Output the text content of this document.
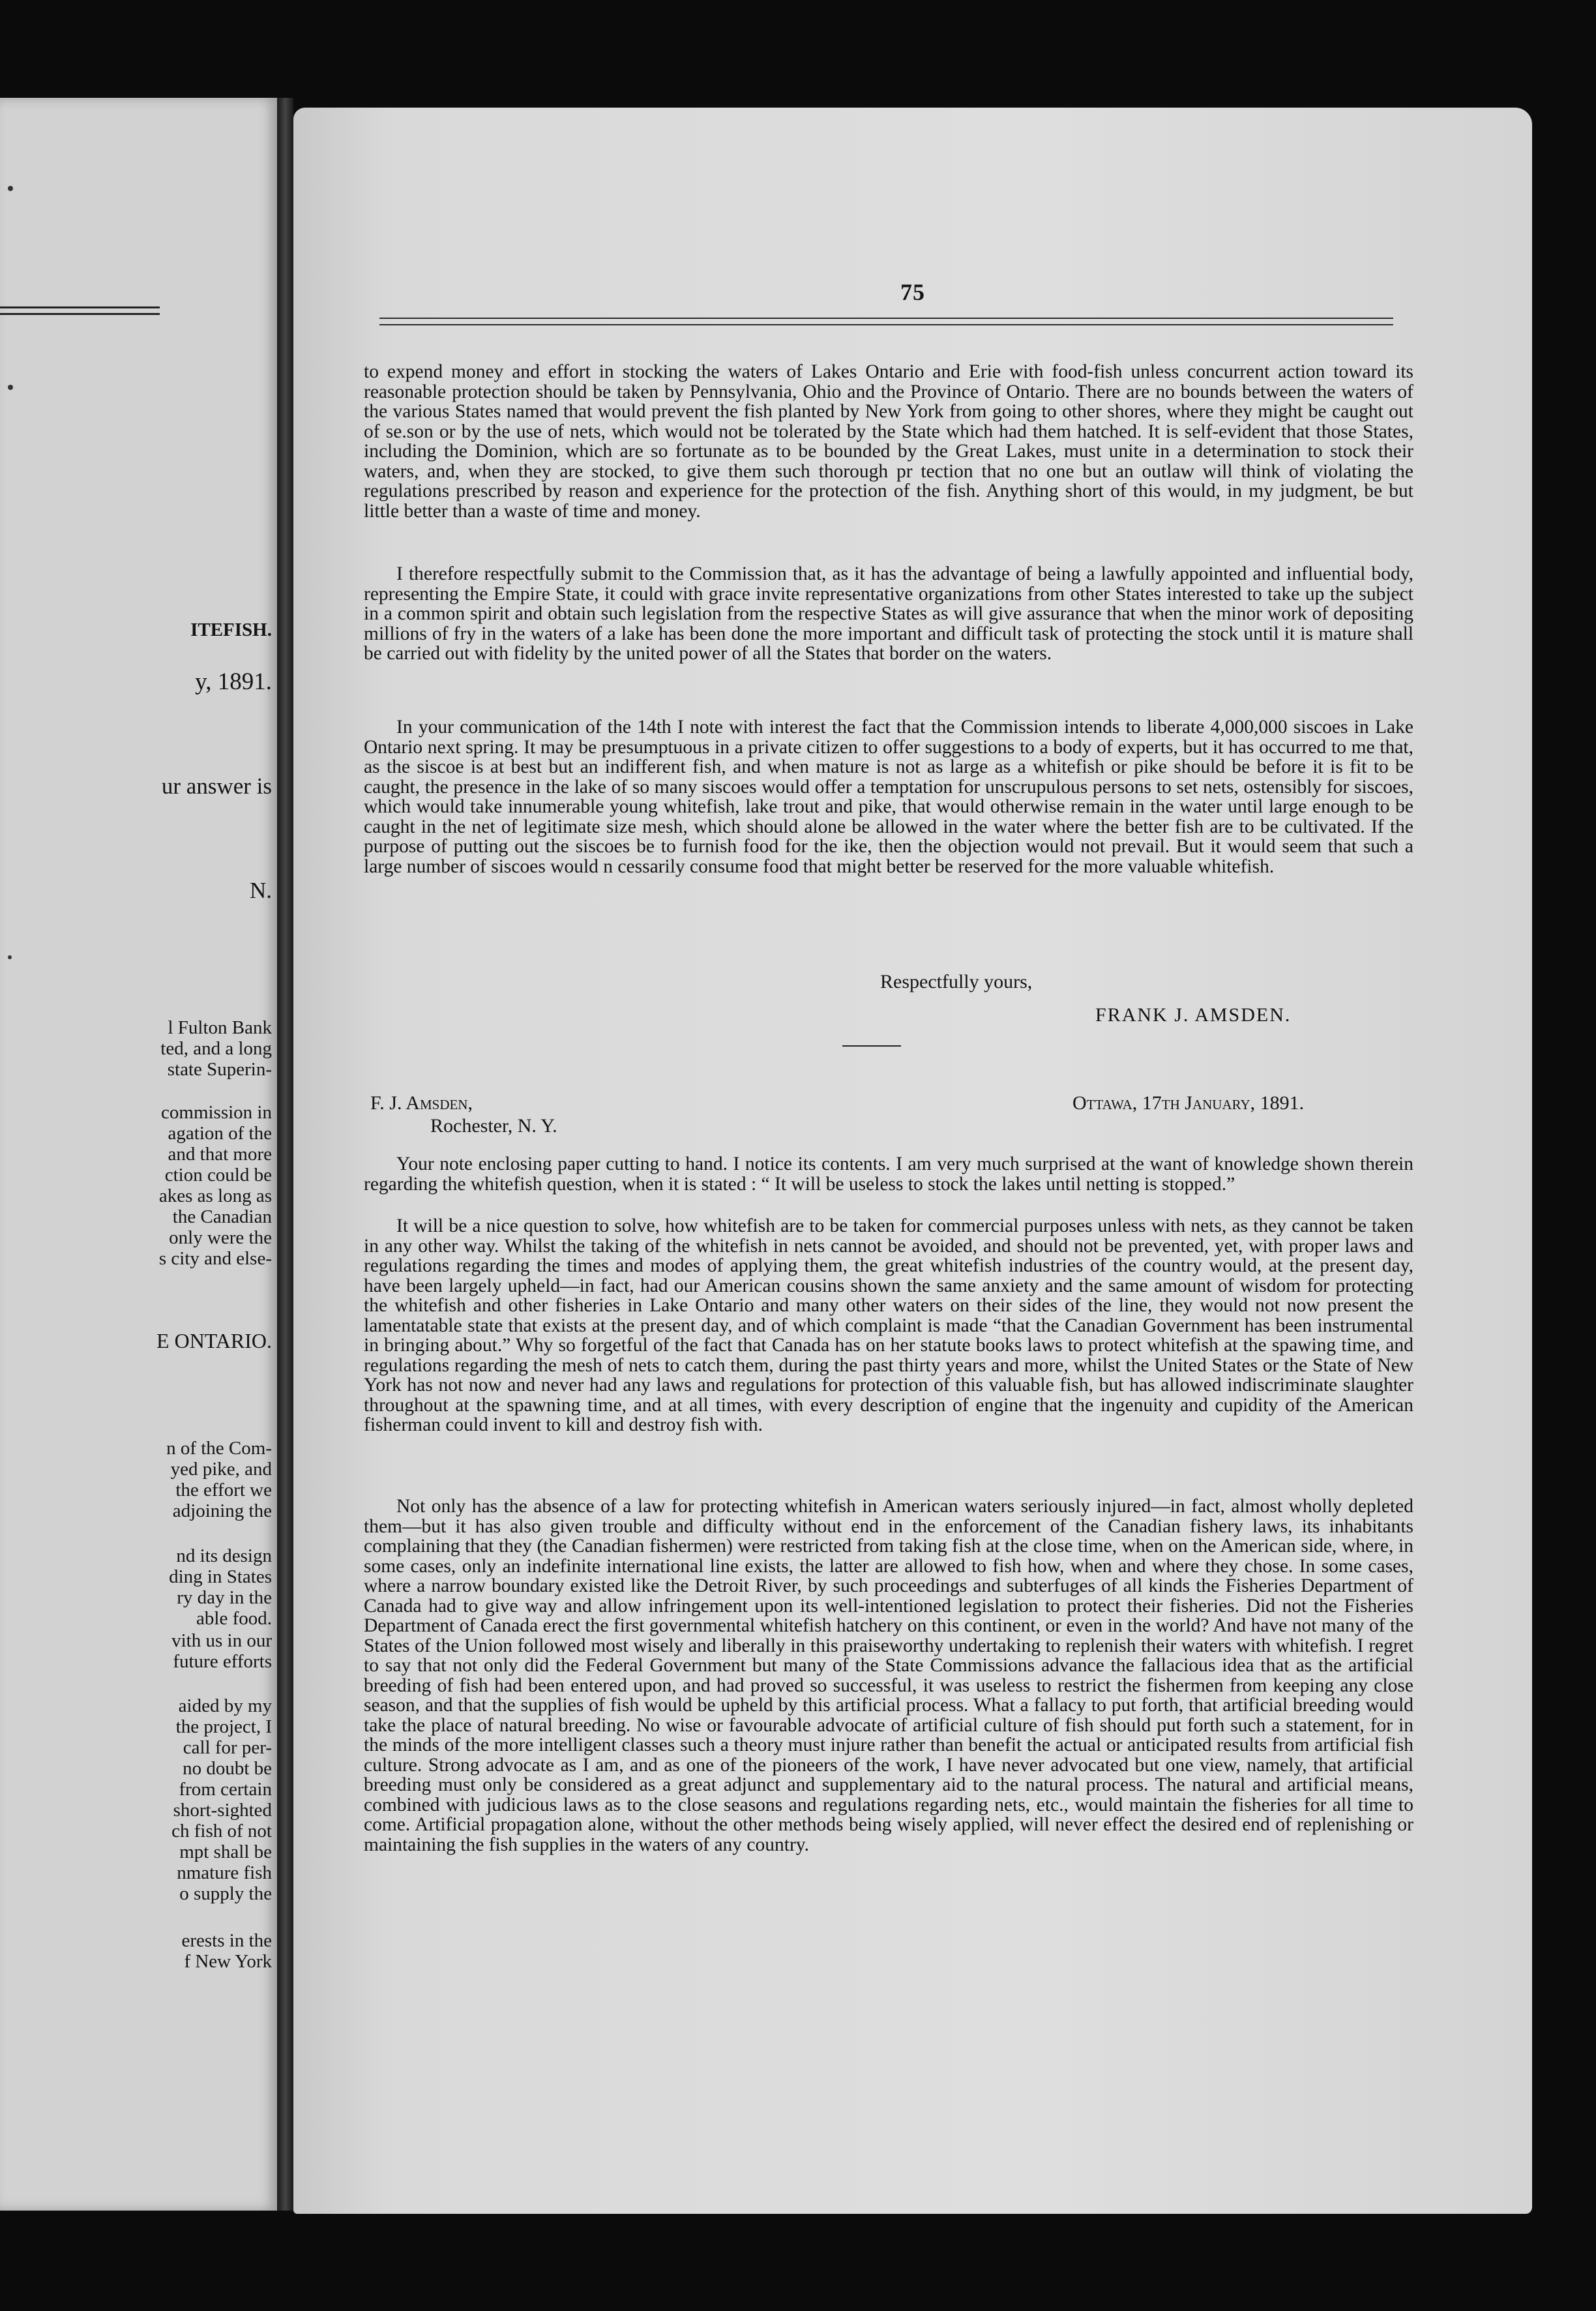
ITEFISH.
y, 1891.
ur answer is
N.
l Fulton Bank
ted, and a long
state Superin-
commission in
agation of the
and that more
ction could be
akes as long as
the Canadian
only were the
s city and else-
E ONTARIO.
n of the Com-
yed pike, and
the effort we
adjoining the
nd its design
ding in States
ry day in the
able food.
vith us in our
future efforts
aided by my
the project, I
call for per-
no doubt be
from certain
short-sighted
ch fish of not
mpt shall be
nmature fish
o supply the
erests in the
f New York
75

to expend money and effort in stocking the waters of Lakes Ontario and Erie with food-fish unless concurrent action toward its reasonable protection should be taken by Pennsylvania, Ohio and the Province of Ontario. There are no bounds between the waters of the various States named that would prevent the fish planted by New York from going to other shores, where they might be caught out of se.son or by the use of nets, which would not be tolerated by the State which had them hatched. It is self-evident that those States, including the Dominion, which are so fortunate as to be bounded by the Great Lakes, must unite in a determination to stock their waters, and, when they are stocked, to give them such thorough pr tection that no one but an outlaw will think of violating the regulations prescribed by reason and experience for the protection of the fish. Anything short of this would, in my judgment, be but little better than a waste of time and money.

I therefore respectfully submit to the Commission that, as it has the advantage of being a lawfully appointed and influential body, representing the Empire State, it could with grace invite representative organizations from other States interested to take up the subject in a common spirit and obtain such legislation from the respective States as will give assurance that when the minor work of depositing millions of fry in the waters of a lake has been done the more important and difficult task of protecting the stock until it is mature shall be carried out with fidelity by the united power of all the States that border on the waters.

In your communication of the 14th I note with interest the fact that the Commission intends to liberate 4,000,000 siscoes in Lake Ontario next spring. It may be presumptuous in a private citizen to offer suggestions to a body of experts, but it has occurred to me that, as the siscoe is at best but an indifferent fish, and when mature is not as large as a whitefish or pike should be before it is fit to be caught, the presence in the lake of so many siscoes would offer a temptation for unscrupulous persons to set nets, ostensibly for siscoes, which would take innumerable young whitefish, lake trout and pike, that would otherwise remain in the water until large enough to be caught in the net of legitimate size mesh, which should alone be allowed in the water where the better fish are to be cultivated. If the purpose of putting out the siscoes be to furnish food for the ike, then the objection would not prevail. But it would seem that such a large number of siscoes would n cessarily consume food that might better be reserved for the more valuable whitefish.

Respectfully yours,
FRANK J. AMSDEN.
F. J. Amsden,
Rochester, N. Y.
Ottawa, 17th January, 1891.

Your note enclosing paper cutting to hand. I notice its contents. I am very much surprised at the want of knowledge shown therein regarding the whitefish question, when it is stated : “ It will be useless to stock the lakes until netting is stopped.”

It will be a nice question to solve, how whitefish are to be taken for commercial purposes unless with nets, as they cannot be taken in any other way. Whilst the taking of the whitefish in nets cannot be avoided, and should not be prevented, yet, with proper laws and regulations regarding the times and modes of applying them, the great whitefish industries of the country would, at the present day, have been largely upheld—in fact, had our American cousins shown the same anxiety and the same amount of wisdom for protecting the whitefish and other fisheries in Lake Ontario and many other waters on their sides of the line, they would not now present the lamentatable state that exists at the present day, and of which complaint is made “that the Canadian Government has been instrumental in bringing about.” Why so forgetful of the fact that Canada has on her statute books laws to protect whitefish at the spawing time, and regulations regarding the mesh of nets to catch them, during the past thirty years and more, whilst the United States or the State of New York has not now and never had any laws and regulations for protection of this valuable fish, but has allowed indiscriminate slaughter throughout at the spawning time, and at all times, with every description of engine that the ingenuity and cupidity of the American fisherman could invent to kill and destroy fish with.

Not only has the absence of a law for protecting whitefish in American waters seriously injured—in fact, almost wholly depleted them—but it has also given trouble and difficulty without end in the enforcement of the Canadian fishery laws, its inhabitants complaining that they (the Canadian fishermen) were restricted from taking fish at the close time, when on the American side, where, in some cases, only an indefinite international line exists, the latter are allowed to fish how, when and where they chose. In some cases, where a narrow boundary existed like the Detroit River, by such proceedings and subterfuges of all kinds the Fisheries Department of Canada had to give way and allow infringement upon its well-intentioned legislation to protect their fisheries. Did not the Fisheries Department of Canada erect the first governmental whitefish hatchery on this continent, or even in the world? And have not many of the States of the Union followed most wisely and liberally in this praiseworthy undertaking to replenish their waters with whitefish. I regret to say that not only did the Federal Government but many of the State Commissions advance the fallacious idea that as the artificial breeding of fish had been entered upon, and had proved so successful, it was useless to restrict the fishermen from keeping any close season, and that the supplies of fish would be upheld by this artificial process. What a fallacy to put forth, that artificial breeding would take the place of natural breeding. No wise or favourable advocate of artificial culture of fish should put forth such a statement, for in the minds of the more intelligent classes such a theory must injure rather than benefit the actual or anticipated results from artificial fish culture. Strong advocate as I am, and as one of the pioneers of the work, I have never advocated but one view, namely, that artificial breeding must only be considered as a great adjunct and supplementary aid to the natural process. The natural and artificial means, combined with judicious laws as to the close seasons and regulations regarding nets, etc., would maintain the fisheries for all time to come. Artificial propagation alone, without the other methods being wisely applied, will never effect the desired end of replenishing or maintaining the fish supplies in the waters of any country.
